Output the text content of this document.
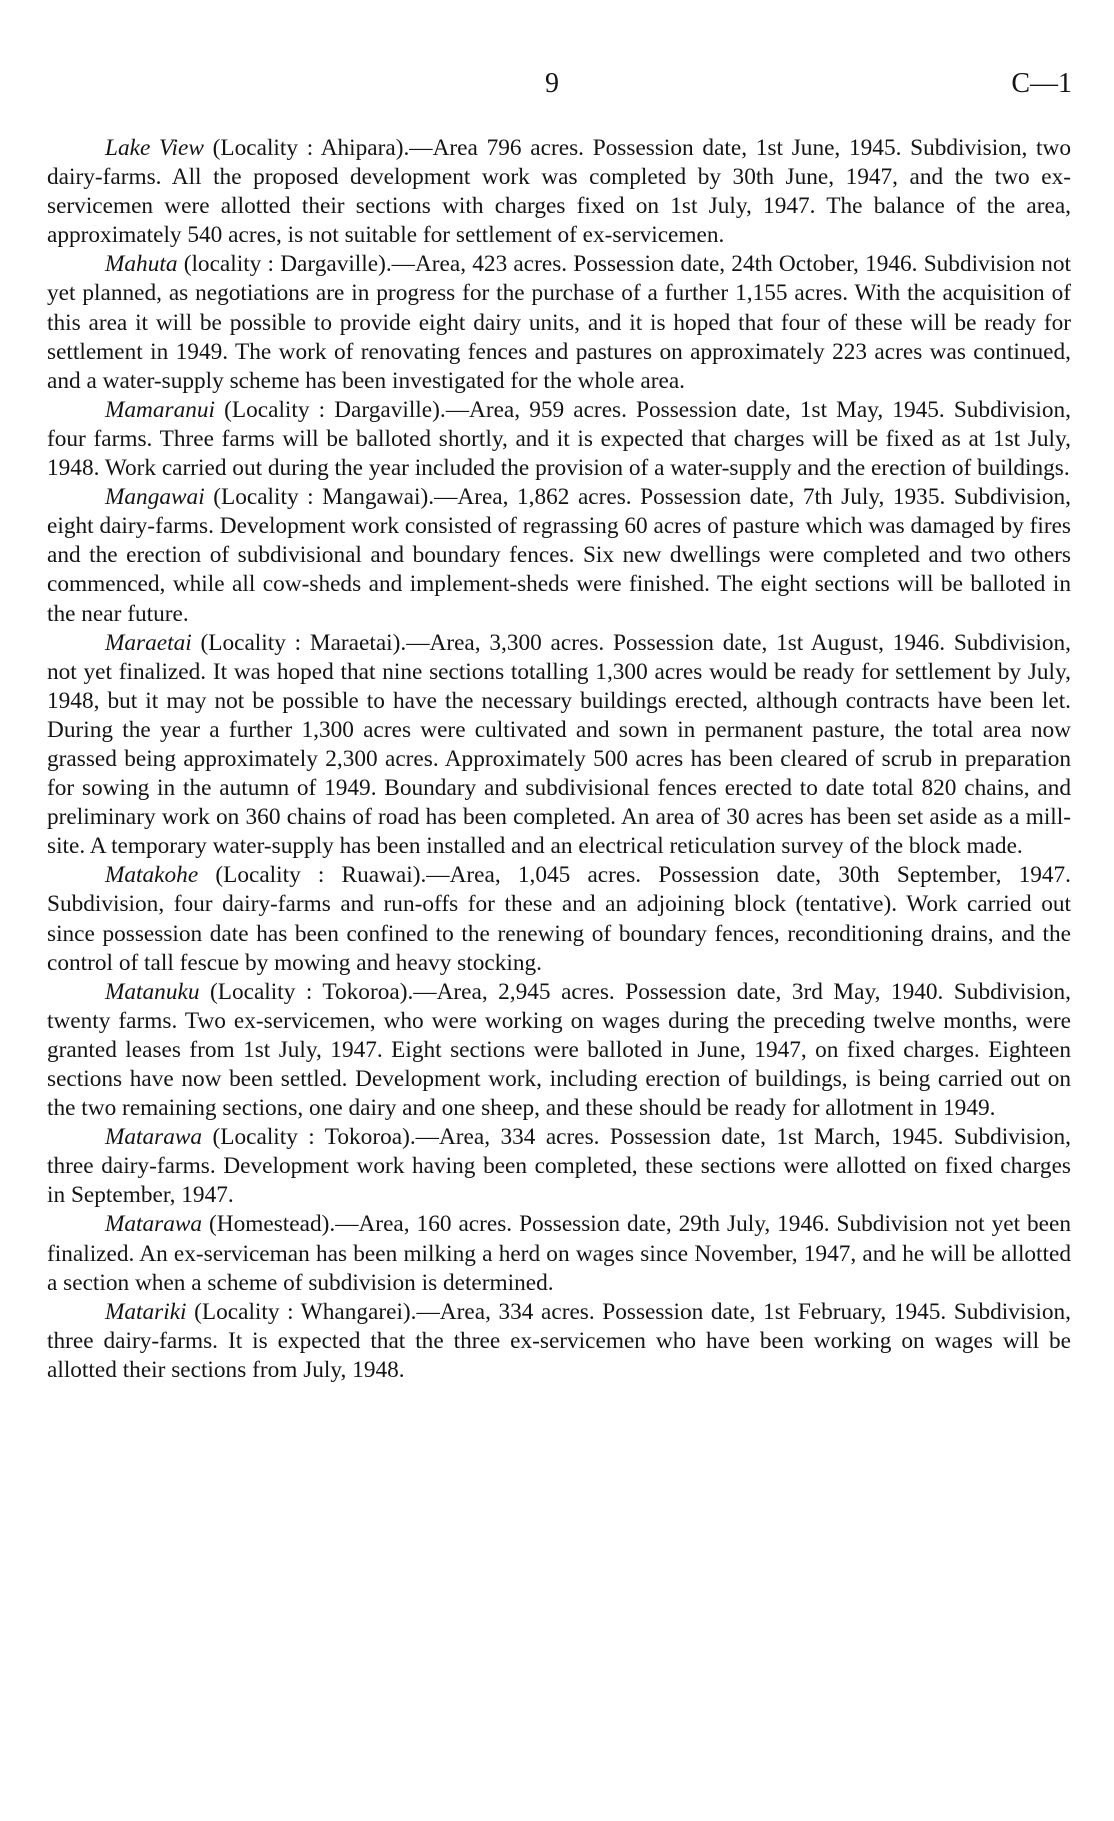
9	C—1

Lake View (Locality : Ahipara).—Area 796 acres. Possession date, 1st June, 1945. Subdivision, two dairy-farms. All the proposed development work was completed by 30th June, 1947, and the two ex-servicemen were allotted their sections with charges fixed on 1st July, 1947. The balance of the area, approximately 540 acres, is not suitable for settlement of ex-servicemen.

Mahuta (locality : Dargaville).—Area, 423 acres. Possession date, 24th October, 1946. Subdivision not yet planned, as negotiations are in progress for the purchase of a further 1,155 acres. With the acquisition of this area it will be possible to provide eight dairy units, and it is hoped that four of these will be ready for settlement in 1949. The work of renovating fences and pastures on approximately 223 acres was continued, and a water-supply scheme has been investigated for the whole area.

Mamaranui (Locality : Dargaville).—Area, 959 acres. Possession date, 1st May, 1945. Subdivision, four farms. Three farms will be balloted shortly, and it is expected that charges will be fixed as at 1st July, 1948. Work carried out during the year included the provision of a water-supply and the erection of buildings.

Mangawai (Locality : Mangawai).—Area, 1,862 acres. Possession date, 7th July, 1935. Subdivision, eight dairy-farms. Development work consisted of regrassing 60 acres of pasture which was damaged by fires and the erection of subdivisional and boundary fences. Six new dwellings were completed and two others commenced, while all cow-sheds and implement-sheds were finished. The eight sections will be balloted in the near future.

Maraetai (Locality : Maraetai).—Area, 3,300 acres. Possession date, 1st August, 1946. Subdivision, not yet finalized. It was hoped that nine sections totalling 1,300 acres would be ready for settlement by July, 1948, but it may not be possible to have the necessary buildings erected, although contracts have been let. During the year a further 1,300 acres were cultivated and sown in permanent pasture, the total area now grassed being approximately 2,300 acres. Approximately 500 acres has been cleared of scrub in preparation for sowing in the autumn of 1949. Boundary and subdivisional fences erected to date total 820 chains, and preliminary work on 360 chains of road has been completed. An area of 30 acres has been set aside as a mill-site. A temporary water-supply has been installed and an electrical reticulation survey of the block made.

Matakohe (Locality : Ruawai).—Area, 1,045 acres. Possession date, 30th September, 1947. Subdivision, four dairy-farms and run-offs for these and an adjoining block (tentative). Work carried out since possession date has been confined to the renewing of boundary fences, reconditioning drains, and the control of tall fescue by mowing and heavy stocking.

Matanuku (Locality : Tokoroa).—Area, 2,945 acres. Possession date, 3rd May, 1940. Subdivision, twenty farms. Two ex-servicemen, who were working on wages during the preceding twelve months, were granted leases from 1st July, 1947. Eight sections were balloted in June, 1947, on fixed charges. Eighteen sections have now been settled. Development work, including erection of buildings, is being carried out on the two remaining sections, one dairy and one sheep, and these should be ready for allotment in 1949.

Matarawa (Locality : Tokoroa).—Area, 334 acres. Possession date, 1st March, 1945. Subdivision, three dairy-farms. Development work having been completed, these sections were allotted on fixed charges in September, 1947.

Matarawa (Homestead).—Area, 160 acres. Possession date, 29th July, 1946. Subdivision not yet been finalized. An ex-serviceman has been milking a herd on wages since November, 1947, and he will be allotted a section when a scheme of subdivision is determined.

Matariki (Locality : Whangarei).—Area, 334 acres. Possession date, 1st February, 1945. Subdivision, three dairy-farms. It is expected that the three ex-servicemen who have been working on wages will be allotted their sections from July, 1948.
